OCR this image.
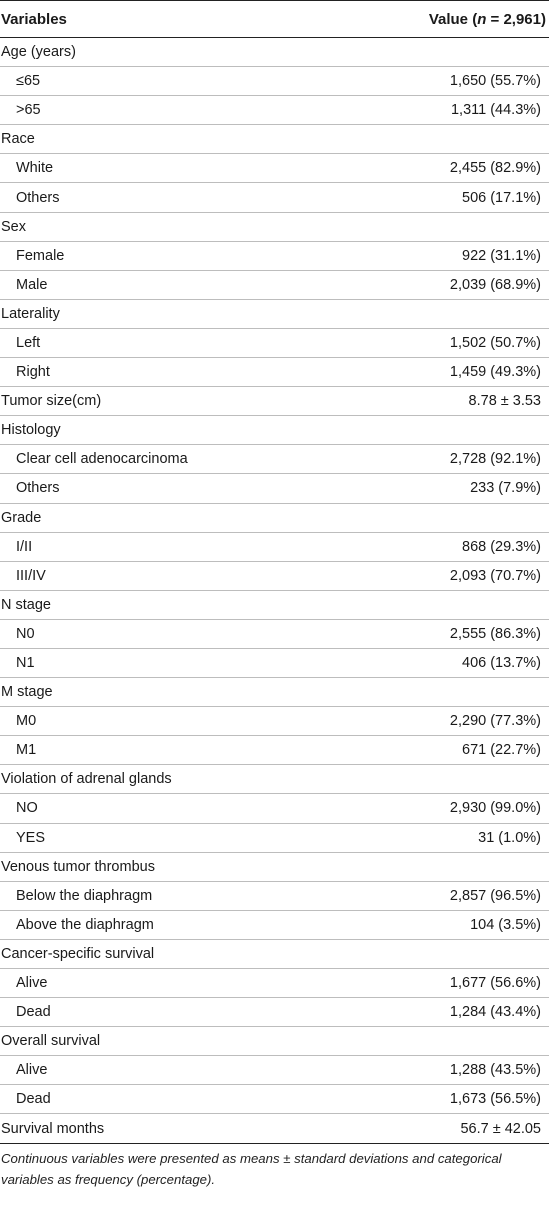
Variables	Value (n = 2,961)
Age (years)
≤65	1,650 (55.7%)
>65	1,311 (44.3%)
Race
White	2,455 (82.9%)
Others	506 (17.1%)
Sex
Female	922 (31.1%)
Male	2,039 (68.9%)
Laterality
Left	1,502 (50.7%)
Right	1,459 (49.3%)
Tumor size(cm)	8.78 ± 3.53
Histology
Clear cell adenocarcinoma	2,728 (92.1%)
Others	233 (7.9%)
Grade
I/II	868 (29.3%)
III/IV	2,093 (70.7%)
N stage
N0	2,555 (86.3%)
N1	406 (13.7%)
M stage
M0	2,290 (77.3%)
M1	671 (22.7%)
Violation of adrenal glands
NO	2,930 (99.0%)
YES	31 (1.0%)
Venous tumor thrombus
Below the diaphragm	2,857 (96.5%)
Above the diaphragm	104 (3.5%)
Cancer-specific survival
Alive	1,677 (56.6%)
Dead	1,284 (43.4%)
Overall survival
Alive	1,288 (43.5%)
Dead	1,673 (56.5%)
Survival months	56.7 ± 42.05
Continuous variables were presented as means ± standard deviations and categorical variables as frequency (percentage).
